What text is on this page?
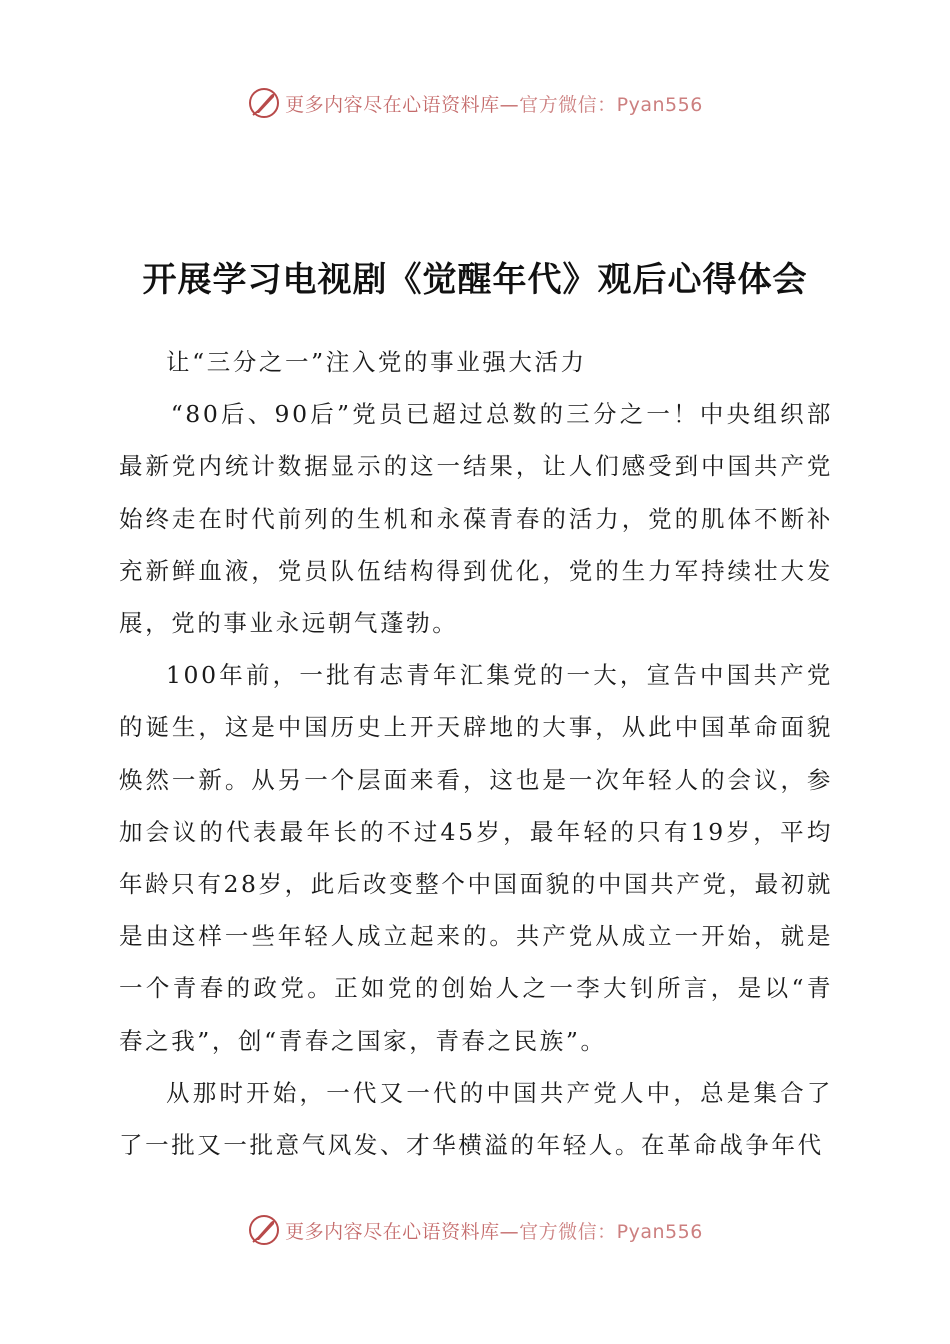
更多内容尽在心语资料库—官方微信：Pyan556
开展学习电视剧《觉醒年代》观后心得体会

让“三分之一”注入党的事业强大活力

“80后、90后”党员已超过总数的三分之一！中央组织部最新党内统计数据显示的这一结果，让人们感受到中国共产党始终走在时代前列的生机和永葆青春的活力，党的肌体不断补充新鲜血液，党员队伍结构得到优化，党的生力军持续壮大发展，党的事业永远朝气蓬勃。

100年前，一批有志青年汇集党的一大，宣告中国共产党的诞生，这是中国历史上开天辟地的大事，从此中国革命面貌焕然一新。从另一个层面来看，这也是一次年轻人的会议，参加会议的代表最年长的不过45岁，最年轻的只有19岁，平均年龄只有28岁，此后改变整个中国面貌的中国共产党，最初就是由这样一些年轻人成立起来的。共产党从成立一开始，就是一个青春的政党。正如党的创始人之一李大钊所言，是以“青春之我”，创“青春之国家，青春之民族”。

从那时开始，一代又一代的中国共产党人中，总是集合了了一批又一批意气风发、才华横溢的年轻人。在革命战争年代

更多内容尽在心语资料库—官方微信：Pyan556
